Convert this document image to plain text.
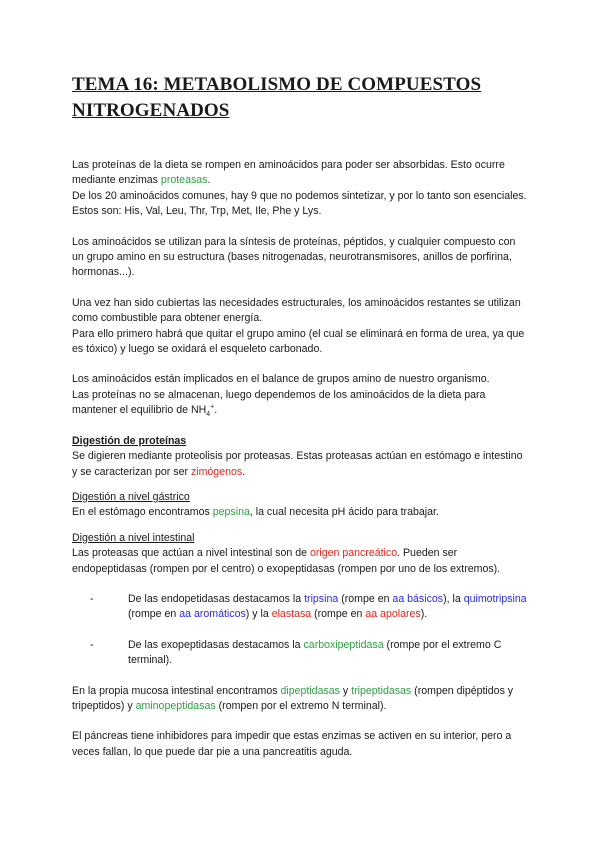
TEMA 16: METABOLISMO DE COMPUESTOS
NITROGENADOS

Las proteínas de la dieta se rompen en aminoácidos para poder ser absorbidas. Esto ocurre mediante enzimas proteasas.

De los 20 aminoácidos comunes, hay 9 que no podemos sintetizar, y por lo tanto son esenciales. Estos son: His, Val, Leu, Thr, Trp, Met, Ile, Phe y Lys.

Los aminoácidos se utilizan para la síntesis de proteínas, péptidos, y cualquier compuesto con un grupo amino en su estructura (bases nitrogenadas, neurotransmisores, anillos de porfirina, hormonas...).

Una vez han sido cubiertas las necesidades estructurales, los aminoácidos restantes se utilizan como combustible para obtener energía.

Para ello primero habrá que quitar el grupo amino (el cual se eliminará en forma de urea, ya que es tóxico) y luego se oxidará el esqueleto carbonado.

Los aminoácidos están implicados en el balance de grupos amino de nuestro organismo.

Las proteínas no se almacenan, luego dependemos de los aminoácidos de la dieta para mantener el equilibrio de $NH_4^+$.

Digestión de proteínas

Se digieren mediante proteolisis por proteasas. Estas proteasas actúan en estómago e intestino y se caracterizan por ser zimógenos.

Digestión a nivel gástrico

En el estómago encontramos pepsina, la cual necesita pH ácido para trabajar.

Digestión a nivel intestinal

Las proteasas que actúan a nivel intestinal son de origen pancreático. Pueden ser endopeptidasas (rompen por el centro) o exopeptidasas (rompen por uno de los extremos).

-	De las endopetidasas destacamos la tripsina (rompe en aa básicos), la quimotripsina (rompe en aa aromáticos) y la elastasa (rompe en aa apolares).
-	De las exopeptidasas destacamos la carboxipeptidasa (rompe por el extremo C terminal).

En la propia mucosa intestinal encontramos dipeptidasas y tripeptidasas (rompen dipéptidos y tripeptidos) y aminopeptidasas (rompen por el extremo N terminal).

El páncreas tiene inhibidores para impedir que estas enzimas se activen en su interior, pero a veces fallan, lo que puede dar pie a una pancreatitis aguda.
